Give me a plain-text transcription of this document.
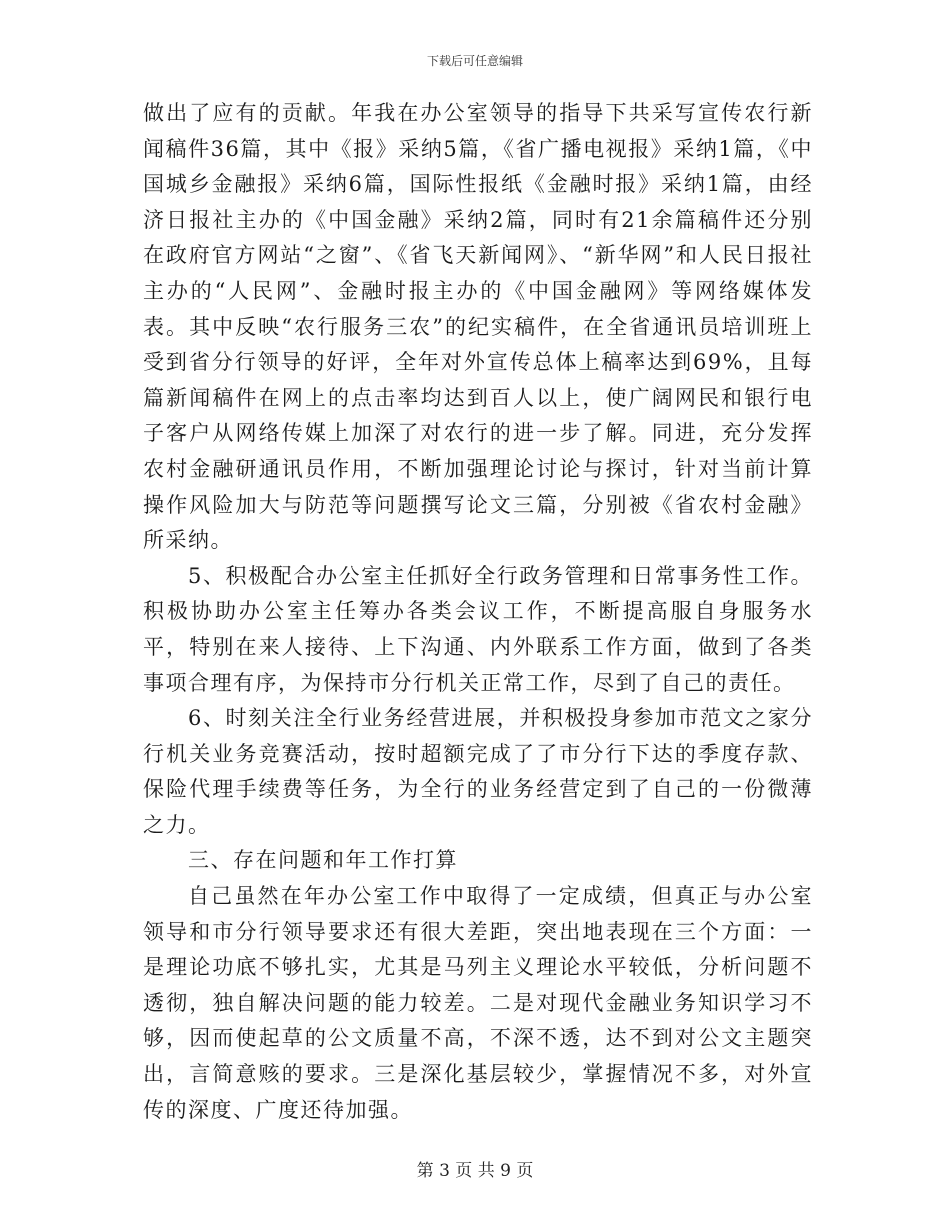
下载后可任意编辑

做出了应有的贡献。年我在办公室领导的指导下共采写宣传农行新闻稿件36篇，其中《报》采纳5篇，《省广播电视报》采纳1篇，《中国城乡金融报》采纳6篇，国际性报纸《金融时报》采纳1篇，由经济日报社主办的《中国金融》采纳2篇，同时有21余篇稿件还分别在政府官方网站“之窗”、《省飞天新闻网》、“新华网”和人民日报社主办的“人民网”、金融时报主办的《中国金融网》等网络媒体发表。其中反映“农行服务三农”的纪实稿件，在全省通讯员培训班上受到省分行领导的好评，全年对外宣传总体上稿率达到69%，且每篇新闻稿件在网上的点击率均达到百人以上，使广阔网民和银行电子客户从网络传媒上加深了对农行的进一步了解。同进，充分发挥农村金融研通讯员作用，不断加强理论讨论与探讨，针对当前计算操作风险加大与防范等问题撰写论文三篇，分别被《省农村金融》所采纳。

5、积极配合办公室主任抓好全行政务管理和日常事务性工作。积极协助办公室主任筹办各类会议工作，不断提高服自身服务水平，特别在来人接待、上下沟通、内外联系工作方面，做到了各类事项合理有序，为保持市分行机关正常工作，尽到了自己的责任。

6、时刻关注全行业务经营进展，并积极投身参加市范文之家分行机关业务竞赛活动，按时超额完成了了市分行下达的季度存款、保险代理手续费等任务，为全行的业务经营定到了自己的一份微薄之力。

三、存在问题和年工作打算

自己虽然在年办公室工作中取得了一定成绩，但真正与办公室领导和市分行领导要求还有很大差距，突出地表现在三个方面：一是理论功底不够扎实，尤其是马列主义理论水平较低，分析问题不透彻，独自解决问题的能力较差。二是对现代金融业务知识学习不够，因而使起草的公文质量不高，不深不透，达不到对公文主题突出，言简意赅的要求。三是深化基层较少，掌握情况不多，对外宣传的深度、广度还待加强。

第 3 页 共 9 页
